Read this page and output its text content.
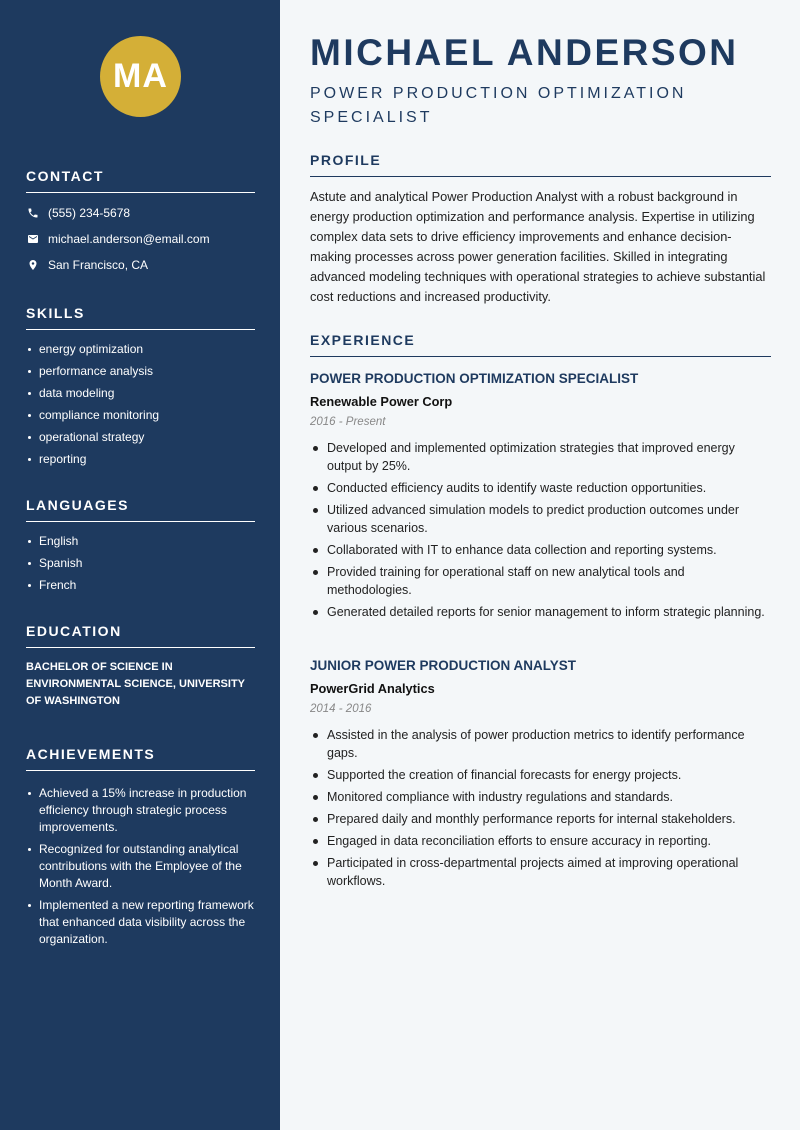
MA
CONTACT
(555) 234-5678
michael.anderson@email.com
San Francisco, CA
SKILLS
energy optimization
performance analysis
data modeling
compliance monitoring
operational strategy
reporting
LANGUAGES
English
Spanish
French
EDUCATION
BACHELOR OF SCIENCE IN ENVIRONMENTAL SCIENCE, UNIVERSITY OF WASHINGTON
ACHIEVEMENTS
Achieved a 15% increase in production efficiency through strategic process improvements.
Recognized for outstanding analytical contributions with the Employee of the Month Award.
Implemented a new reporting framework that enhanced data visibility across the organization.
MICHAEL ANDERSON
POWER PRODUCTION OPTIMIZATION SPECIALIST
PROFILE
Astute and analytical Power Production Analyst with a robust background in energy production optimization and performance analysis. Expertise in utilizing complex data sets to drive efficiency improvements and enhance decision-making processes across power generation facilities. Skilled in integrating advanced modeling techniques with operational strategies to achieve substantial cost reductions and increased productivity.
EXPERIENCE
POWER PRODUCTION OPTIMIZATION SPECIALIST
Renewable Power Corp
2016 - Present
Developed and implemented optimization strategies that improved energy output by 25%.
Conducted efficiency audits to identify waste reduction opportunities.
Utilized advanced simulation models to predict production outcomes under various scenarios.
Collaborated with IT to enhance data collection and reporting systems.
Provided training for operational staff on new analytical tools and methodologies.
Generated detailed reports for senior management to inform strategic planning.
JUNIOR POWER PRODUCTION ANALYST
PowerGrid Analytics
2014 - 2016
Assisted in the analysis of power production metrics to identify performance gaps.
Supported the creation of financial forecasts for energy projects.
Monitored compliance with industry regulations and standards.
Prepared daily and monthly performance reports for internal stakeholders.
Engaged in data reconciliation efforts to ensure accuracy in reporting.
Participated in cross-departmental projects aimed at improving operational workflows.
